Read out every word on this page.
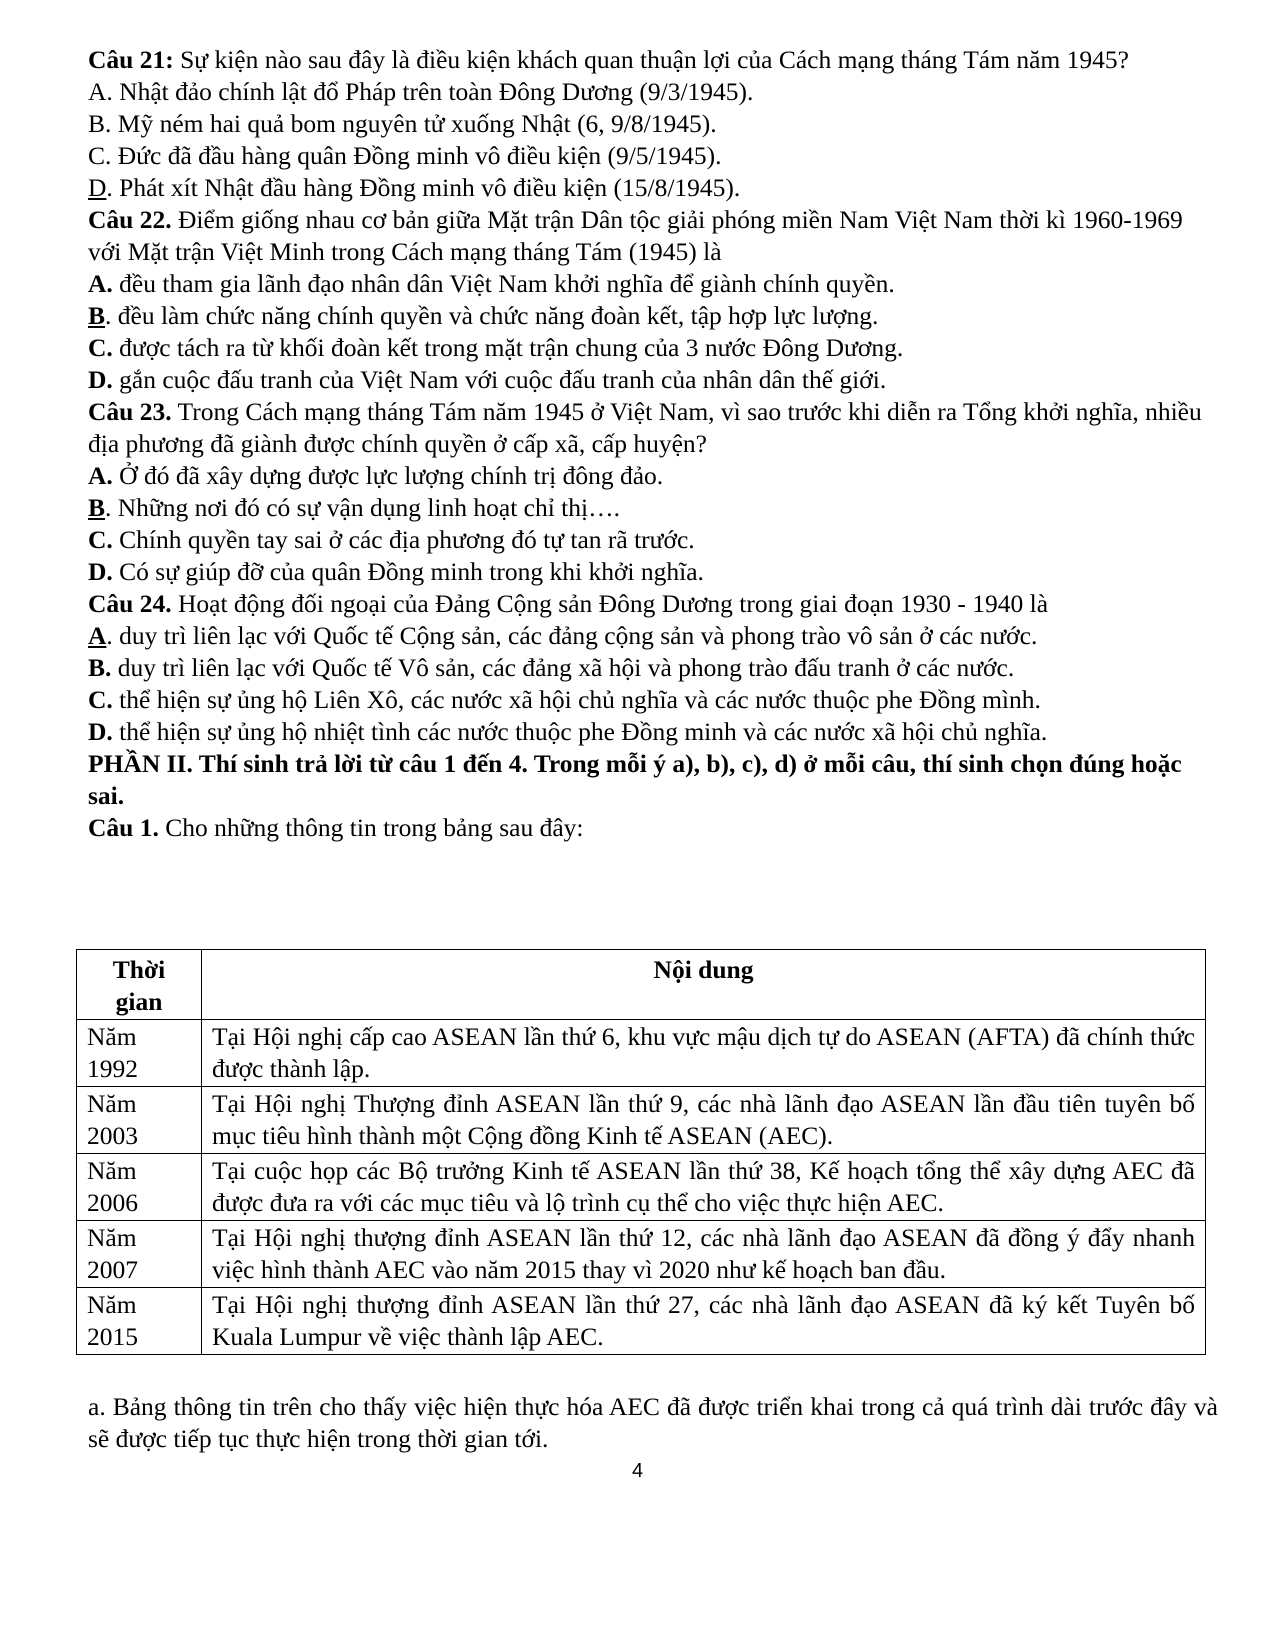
Câu 21: Sự kiện nào sau đây là điều kiện khách quan thuận lợi của Cách mạng tháng Tám năm 1945?

A. Nhật đảo chính lật đổ Pháp trên toàn Đông Dương (9/3/1945).

B. Mỹ ném hai quả bom nguyên tử xuống Nhật (6, 9/8/1945).

C. Đức đã đầu hàng quân Đồng minh vô điều kiện (9/5/1945).

D. Phát xít Nhật đầu hàng Đồng minh vô điều kiện (15/8/1945).

Câu 22. Điểm giống nhau cơ bản giữa Mặt trận Dân tộc giải phóng miền Nam Việt Nam thời kì 1960-1969 với Mặt trận Việt Minh trong Cách mạng tháng Tám (1945) là

A. đều tham gia lãnh đạo nhân dân Việt Nam khởi nghĩa để giành chính quyền.

B. đều làm chức năng chính quyền và chức năng đoàn kết, tập hợp lực lượng.

C. được tách ra từ khối đoàn kết trong mặt trận chung của 3 nước Đông Dương.

D. gắn cuộc đấu tranh của Việt Nam với cuộc đấu tranh của nhân dân thế giới.

Câu 23. Trong Cách mạng tháng Tám năm 1945 ở Việt Nam, vì sao trước khi diễn ra Tổng khởi nghĩa, nhiều địa phương đã giành được chính quyền ở cấp xã, cấp huyện?

A. Ở đó đã xây dựng được lực lượng chính trị đông đảo.

B. Những nơi đó có sự vận dụng linh hoạt chỉ thị….

C. Chính quyền tay sai ở các địa phương đó tự tan rã trước.

D. Có sự giúp đỡ của quân Đồng minh trong khi khởi nghĩa.

Câu 24. Hoạt động đối ngoại của Đảng Cộng sản Đông Dương trong giai đoạn 1930 - 1940 là

A. duy trì liên lạc với Quốc tế Cộng sản, các đảng cộng sản và phong trào vô sản ở các nước.

B. duy trì liên lạc với Quốc tế Vô sản, các đảng xã hội và phong trào đấu tranh ở các nước.

C. thể hiện sự ủng hộ Liên Xô, các nước xã hội chủ nghĩa và các nước thuộc phe Đồng mình.

D. thể hiện sự ủng hộ nhiệt tình các nước thuộc phe Đồng minh và các nước xã hội chủ nghĩa.

PHẦN II. Thí sinh trả lời từ câu 1 đến 4. Trong mỗi ý a), b), c), d) ở mỗi câu, thí sinh chọn đúng hoặc sai.

Câu 1. Cho những thông tin trong bảng sau đây:

Thời gian	Nội dung
Năm 1992	Tại Hội nghị cấp cao ASEAN lần thứ 6, khu vực mậu dịch tự do ASEAN (AFTA) đã chính thức được thành lập.
Năm 2003	Tại Hội nghị Thượng đỉnh ASEAN lần thứ 9, các nhà lãnh đạo ASEAN lần đầu tiên tuyên bố mục tiêu hình thành một Cộng đồng Kinh tế ASEAN (AEC).
Năm 2006	Tại cuộc họp các Bộ trưởng Kinh tế ASEAN lần thứ 38, Kế hoạch tổng thể xây dựng AEC đã được đưa ra với các mục tiêu và lộ trình cụ thể cho việc thực hiện AEC.
Năm 2007	Tại Hội nghị thượng đỉnh ASEAN lần thứ 12, các nhà lãnh đạo ASEAN đã đồng ý đẩy nhanh việc hình thành AEC vào năm 2015 thay vì 2020 như kế hoạch ban đầu.
Năm 2015	Tại Hội nghị thượng đỉnh ASEAN lần thứ 27, các nhà lãnh đạo ASEAN đã ký kết Tuyên bố Kuala Lumpur về việc thành lập AEC.

a. Bảng thông tin trên cho thấy việc hiện thực hóa AEC đã được triển khai trong cả quá trình dài trước đây và sẽ được tiếp tục thực hiện trong thời gian tới.

4
